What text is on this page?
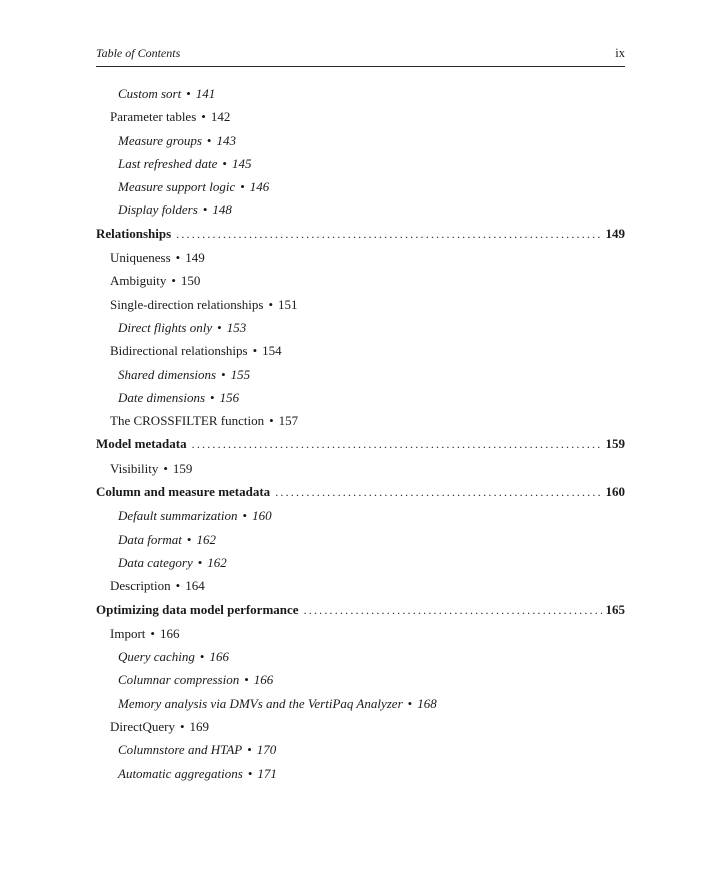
Table of Contents	ix
Custom sort • 141
Parameter tables • 142
Measure groups • 143
Last refreshed date • 145
Measure support logic • 146
Display folders • 148
Relationships .....	149
Uniqueness • 149
Ambiguity • 150
Single-direction relationships • 151
Direct flights only • 153
Bidirectional relationships • 154
Shared dimensions • 155
Date dimensions • 156
The CROSSFILTER function • 157
Model metadata .....	159
Visibility • 159
Column and measure metadata .....	160
Default summarization • 160
Data format • 162
Data category • 162
Description • 164
Optimizing data model performance .....	165
Import • 166
Query caching • 166
Columnar compression • 166
Memory analysis via DMVs and the VertiPaq Analyzer • 168
DirectQuery • 169
Columnstore and HTAP • 170
Automatic aggregations • 171
